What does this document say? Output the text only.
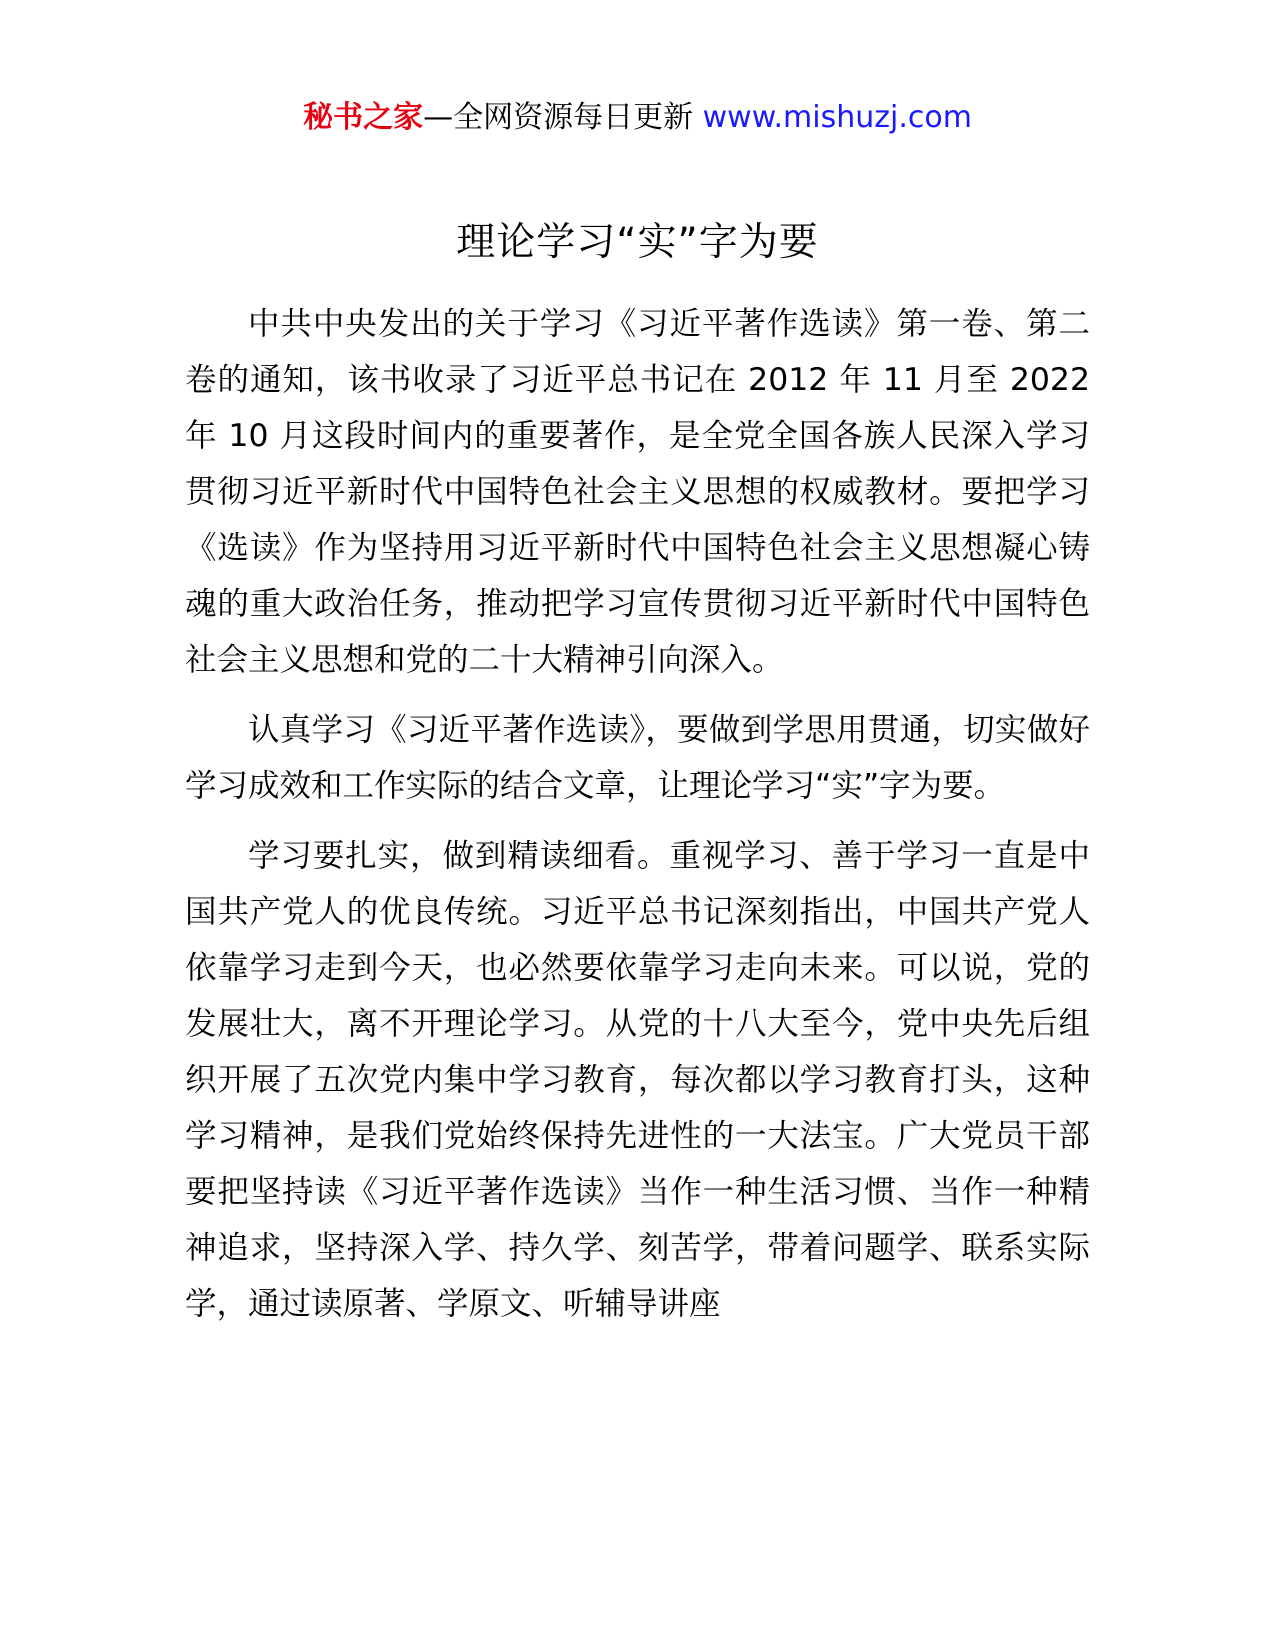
秘书之家—全网资源每日更新 www.mishuzj.com
理论学习“实”字为要

中共中央发出的关于学习《习近平著作选读》第一卷、第二卷的通知，该书收录了习近平总书记在 2012 年 11 月至 2022 年 10 月这段时间内的重要著作，是全党全国各族人民深入学习贯彻习近平新时代中国特色社会主义思想的权威教材。要把学习《选读》作为坚持用习近平新时代中国特色社会主义思想凝心铸魂的重大政治任务，推动把学习宣传贯彻习近平新时代中国特色社会主义思想和党的二十大精神引向深入。

认真学习《习近平著作选读》，要做到学思用贯通，切实做好学习成效和工作实际的结合文章，让理论学习“实”字为要。

学习要扎实，做到精读细看。重视学习、善于学习一直是中国共产党人的优良传统。习近平总书记深刻指出，中国共产党人依靠学习走到今天，也必然要依靠学习走向未来。可以说，党的发展壮大，离不开理论学习。从党的十八大至今，党中央先后组织开展了五次党内集中学习教育，每次都以学习教育打头，这种学习精神，是我们党始终保持先进性的一大法宝。广大党员干部要把坚持读《习近平著作选读》当作一种生活习惯、当作一种精神追求，坚持深入学、持久学、刻苦学，带着问题学、联系实际学，通过读原著、学原文、听辅导讲座
